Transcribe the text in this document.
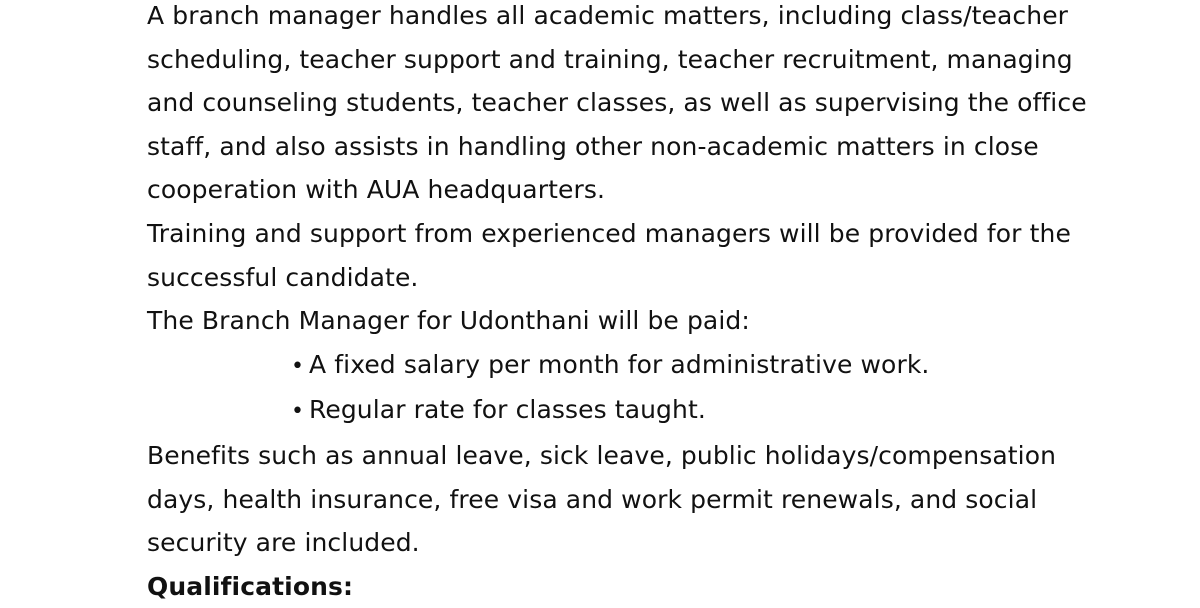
A branch manager handles all academic matters, including class/teacher scheduling, teacher support and training, teacher recruitment, managing and counseling students, teacher classes, as well as supervising the office staff, and also assists in handling other non-academic matters in close cooperation with AUA headquarters.

Training and support from experienced managers will be provided for the successful candidate.

The Branch Manager for Udonthani will be paid:

• A fixed salary per month for administrative work.
• Regular rate for classes taught.

Benefits such as annual leave, sick leave, public holidays/compensation days, health insurance, free visa and work permit renewals, and social security are included.

Qualifications:
